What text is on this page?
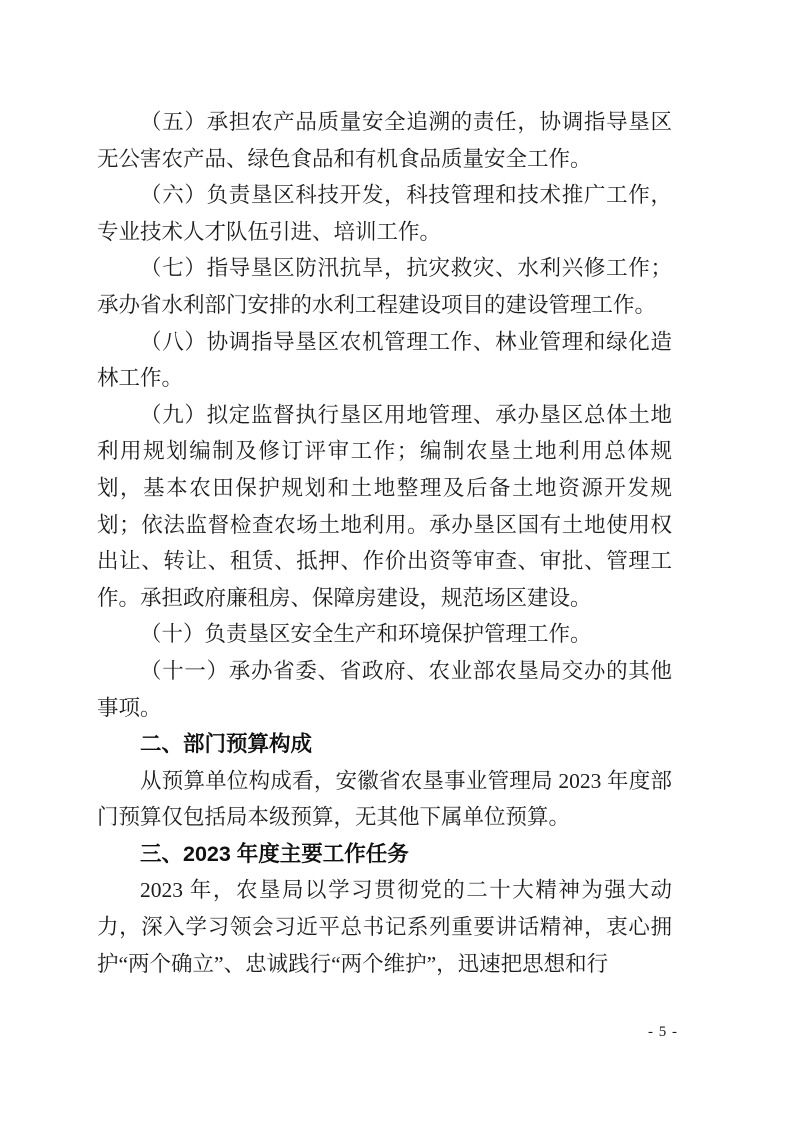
（五）承担农产品质量安全追溯的责任，协调指导垦区无公害农产品、绿色食品和有机食品质量安全工作。

（六）负责垦区科技开发，科技管理和技术推广工作，专业技术人才队伍引进、培训工作。

（七）指导垦区防汛抗旱，抗灾救灾、水利兴修工作；承办省水利部门安排的水利工程建设项目的建设管理工作。

（八）协调指导垦区农机管理工作、林业管理和绿化造林工作。

（九）拟定监督执行垦区用地管理、承办垦区总体土地利用规划编制及修订评审工作；编制农垦土地利用总体规划，基本农田保护规划和土地整理及后备土地资源开发规划；依法监督检查农场土地利用。承办垦区国有土地使用权出让、转让、租赁、抵押、作价出资等审查、审批、管理工作。承担政府廉租房、保障房建设，规范场区建设。

（十）负责垦区安全生产和环境保护管理工作。

（十一）承办省委、省政府、农业部农垦局交办的其他事项。

二、部门预算构成

从预算单位构成看，安徽省农垦事业管理局 2023 年度部门预算仅包括局本级预算，无其他下属单位预算。

三、2023 年度主要工作任务

2023 年，农垦局以学习贯彻党的二十大精神为强大动力，深入学习领会习近平总书记系列重要讲话精神，衷心拥护“两个确立”、忠诚践行“两个维护”，迅速把思想和行

- 5 -
